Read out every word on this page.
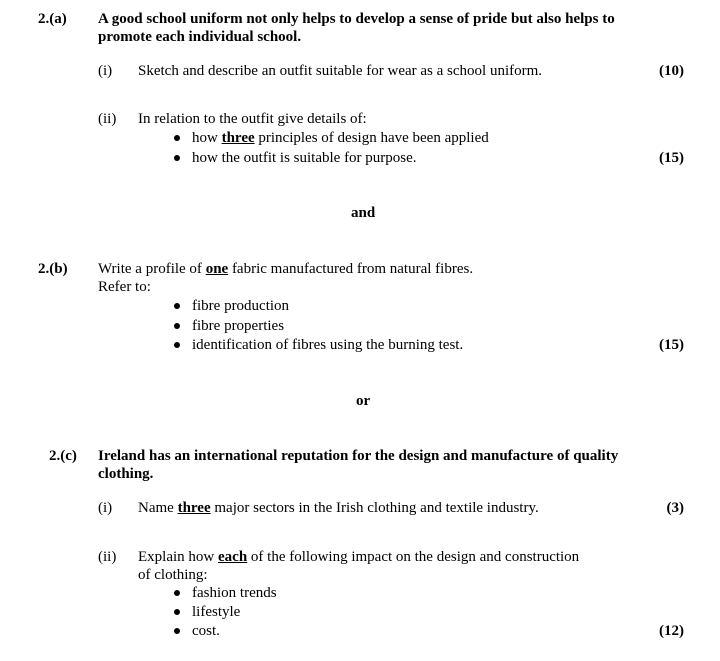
2.(a) A good school uniform not only helps to develop a sense of pride but also helps to
promote each individual school.
(i) Sketch and describe an outfit suitable for wear as a school uniform.	(10)
(ii) In relation to the outfit give details of:
how three principles of design have been applied
how the outfit is suitable for purpose.	(15)
and
2.(b) Write a profile of one fabric manufactured from natural fibres.
Refer to:
fibre production
fibre properties
identification of fibres using the burning test.	(15)
or
2.(c) Ireland has an international reputation for the design and manufacture of quality
clothing.
(i) Name three major sectors in the Irish clothing and textile industry.	(3)
(ii) Explain how each of the following impact on the design and construction
of clothing:
fashion trends
lifestyle
cost.	(12)
